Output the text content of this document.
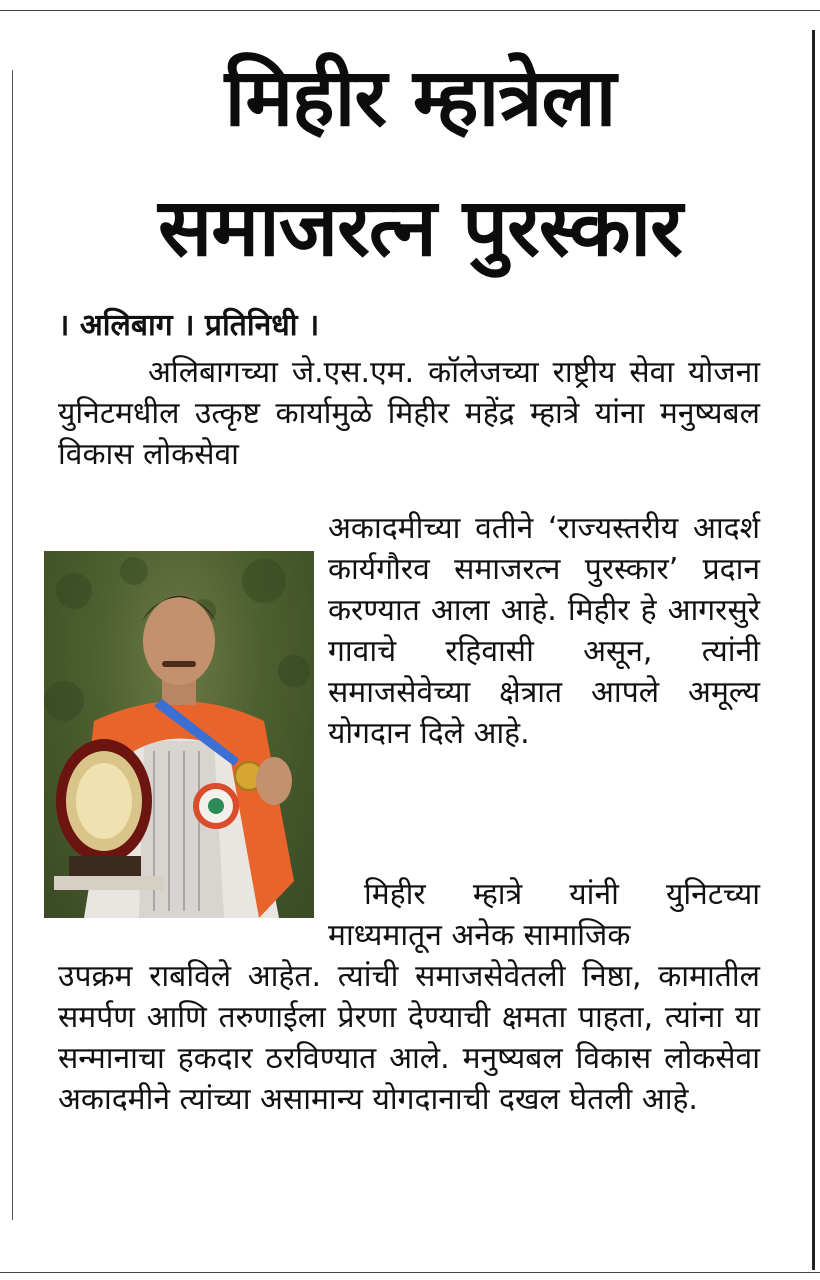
मिहीर म्हात्रेला
समाजरत्न पुरस्कार
। अलिबाग । प्रतिनिधी ।
अलिबागच्या जे.एस.एम. कॉलेजच्या राष्ट्रीय सेवा योजना युनिटमधील उत्कृष्ट कार्यामुळे मिहीर महेंद्र म्हात्रे यांना मनुष्यबल विकास लोकसेवा
अकादमीच्या वतीने ‘राज्यस्तरीय आदर्श कार्यगौरव समाजरत्न पुरस्कार’ प्रदान करण्यात आला आहे. मिहीर हे आगरसुरे गावाचे रहिवासी असून, त्यांनी समाजसेवेच्या क्षेत्रात आपले अमूल्य योगदान दिले आहे.
मिहीर म्हात्रे यांनी युनिटच्या माध्यमातून अनेक सामाजिक
उपक्रम राबविले आहेत. त्यांची समाजसेवेतली निष्ठा, कामातील समर्पण आणि तरुणाईला प्रेरणा देण्याची क्षमता पाहता, त्यांना या सन्मानाचा हकदार ठरविण्यात आले. मनुष्यबल विकास लोकसेवा अकादमीने त्यांच्या असामान्य योगदानाची दखल घेतली आहे.
